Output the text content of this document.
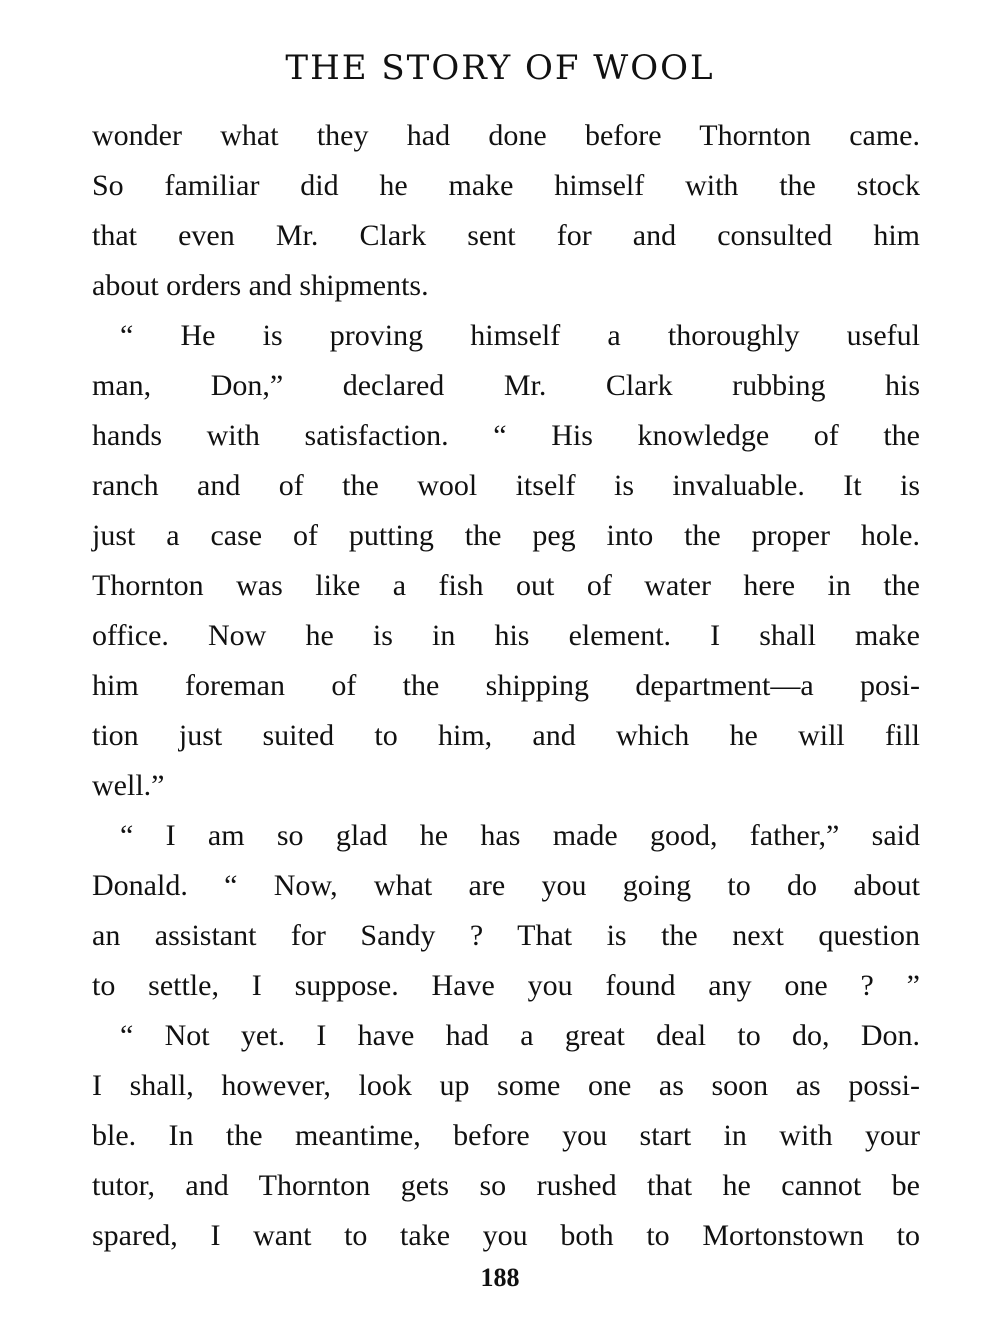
THE STORY OF WOOL
wonder what they had done before Thornton came.
So familiar did he make himself with the stock
that even Mr. Clark sent for and consulted him
about orders and shipments.
“ He is proving himself a thoroughly useful
man, Don,” declared Mr. Clark rubbing his
hands with satisfaction. “ His knowledge of the
ranch and of the wool itself is invaluable. It is
just a case of putting the peg into the proper hole.
Thornton was like a fish out of water here in the
office. Now he is in his element. I shall make
him foreman of the shipping department—a posi-
tion just suited to him, and which he will fill
well.”
“ I am so glad he has made good, father,” said
Donald. “ Now, what are you going to do about
an assistant for Sandy ? That is the next question
to settle, I suppose. Have you found any one ? ”
“ Not yet. I have had a great deal to do, Don.
I shall, however, look up some one as soon as possi-
ble. In the meantime, before you start in with your
tutor, and Thornton gets so rushed that he cannot be
spared, I want to take you both to Mortonstown to
188
